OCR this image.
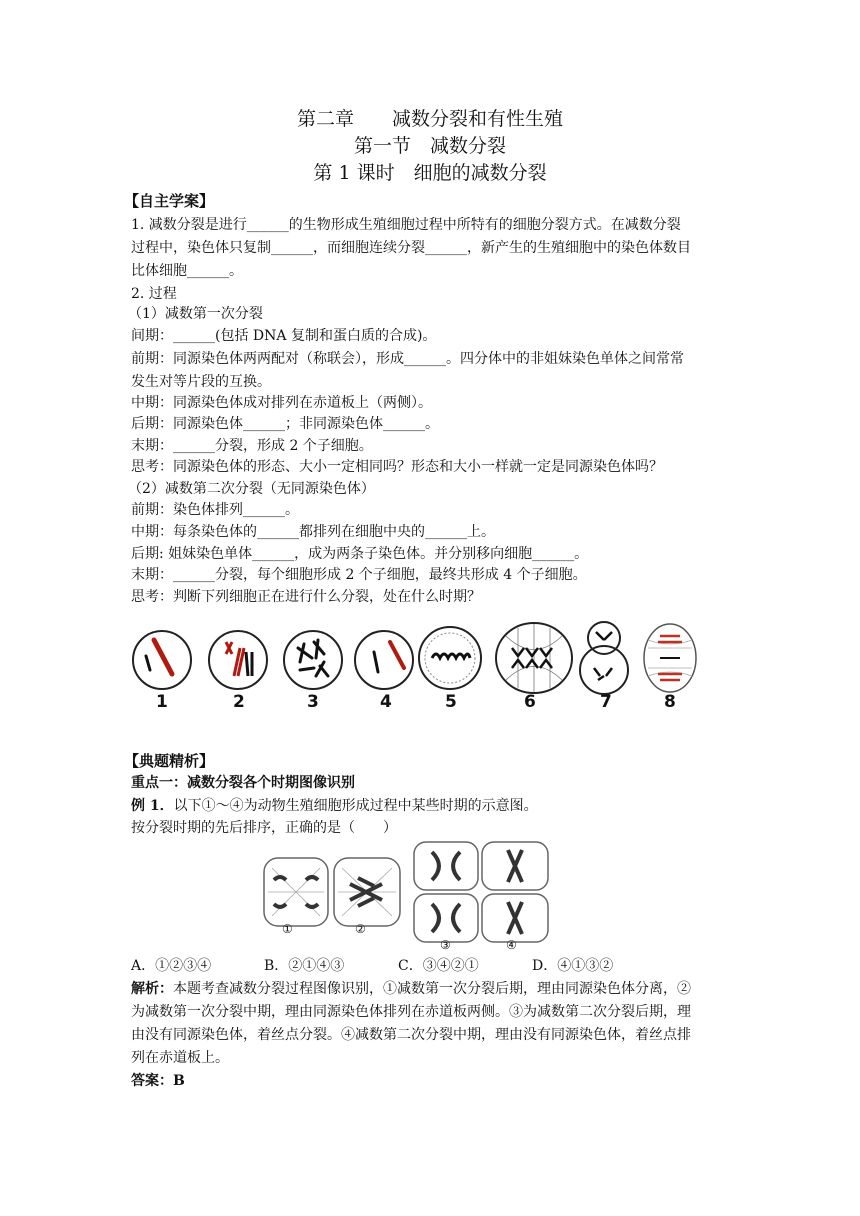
第二章　　减数分裂和有性生殖
第一节　减数分裂
第 1 课时　细胞的减数分裂
【自主学案】
1. 减数分裂是进行______的生物形成生殖细胞过程中所特有的细胞分裂方式。在减数分裂
过程中，染色体只复制______，而细胞连续分裂______，新产生的生殖细胞中的染色体数目
比体细胞______。
2. 过程
（1）减数第一次分裂
间期：______(包括 DNA 复制和蛋白质的合成)。
前期：同源染色体两两配对（称联会），形成______。四分体中的非姐妹染色单体之间常常
发生对等片段的互换。
中期：同源染色体成对排列在赤道板上（两侧）。
后期：同源染色体______；非同源染色体______。
末期：______分裂，形成 2 个子细胞。
思考：同源染色体的形态、大小一定相同吗？形态和大小一样就一定是同源染色体吗？
（2）减数第二次分裂（无同源染色体）
前期：染色体排列______。
中期：每条染色体的______都排列在细胞中央的______上。
后期: 姐妹染色单体______，成为两条子染色体。并分别移向细胞______。
末期：______分裂，每个细胞形成 2 个子细胞，最终共形成 4 个子细胞。
思考：判断下列细胞正在进行什么分裂，处在什么时期？
1	2	3	4	5	6	7	8
【典题精析】
重点一：减数分裂各个时期图像识别
例 1．以下①～④为动物生殖细胞形成过程中某些时期的示意图。
按分裂时期的先后排序，正确的是（　　）
①	②
③	④
A．①②③④	B．②①④③	C．③④②①	D．④①③②
解析：本题考查减数分裂过程图像识别，①减数第一次分裂后期，理由同源染色体分离，②
为减数第一次分裂中期，理由同源染色体排列在赤道板两侧。③为减数第二次分裂后期，理
由没有同源染色体，着丝点分裂。④减数第二次分裂中期，理由没有同源染色体，着丝点排
列在赤道板上。
答案：B
